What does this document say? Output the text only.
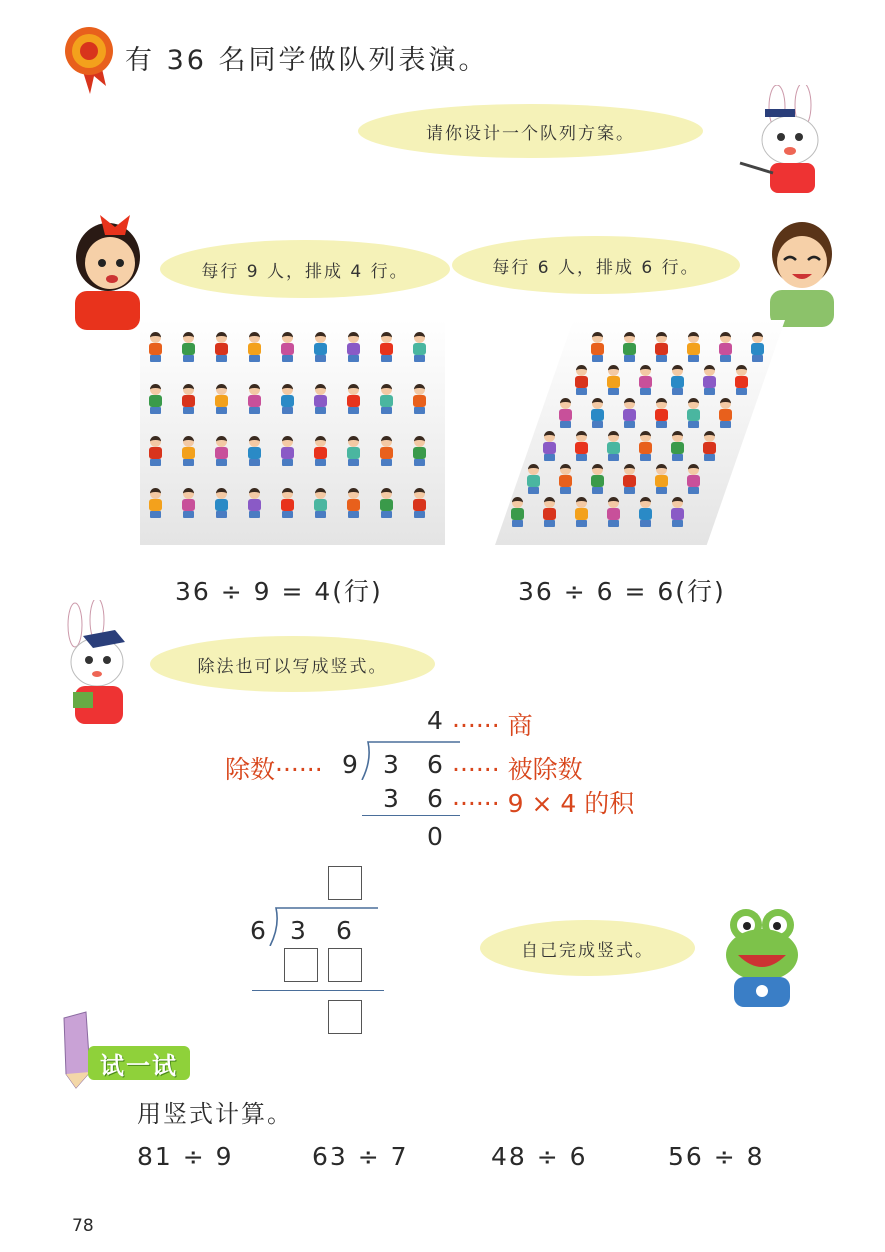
有 36 名同学做队列表演。
请你设计一个队列方案。
每行 9 人，排成 4 行。	每行 6 人，排成 6 行。
36 ÷ 9 = 4(行)	36 ÷ 6 = 6(行)
除法也可以写成竖式。
4 ······ 商
除数······ 9 3 6 ······ 被除数
3 6 ······ 9 × 4 的积
0
6 3 6
自己完成竖式。
试一试
用竖式计算。
81 ÷ 9	63 ÷ 7	48 ÷ 6	56 ÷ 8
78
